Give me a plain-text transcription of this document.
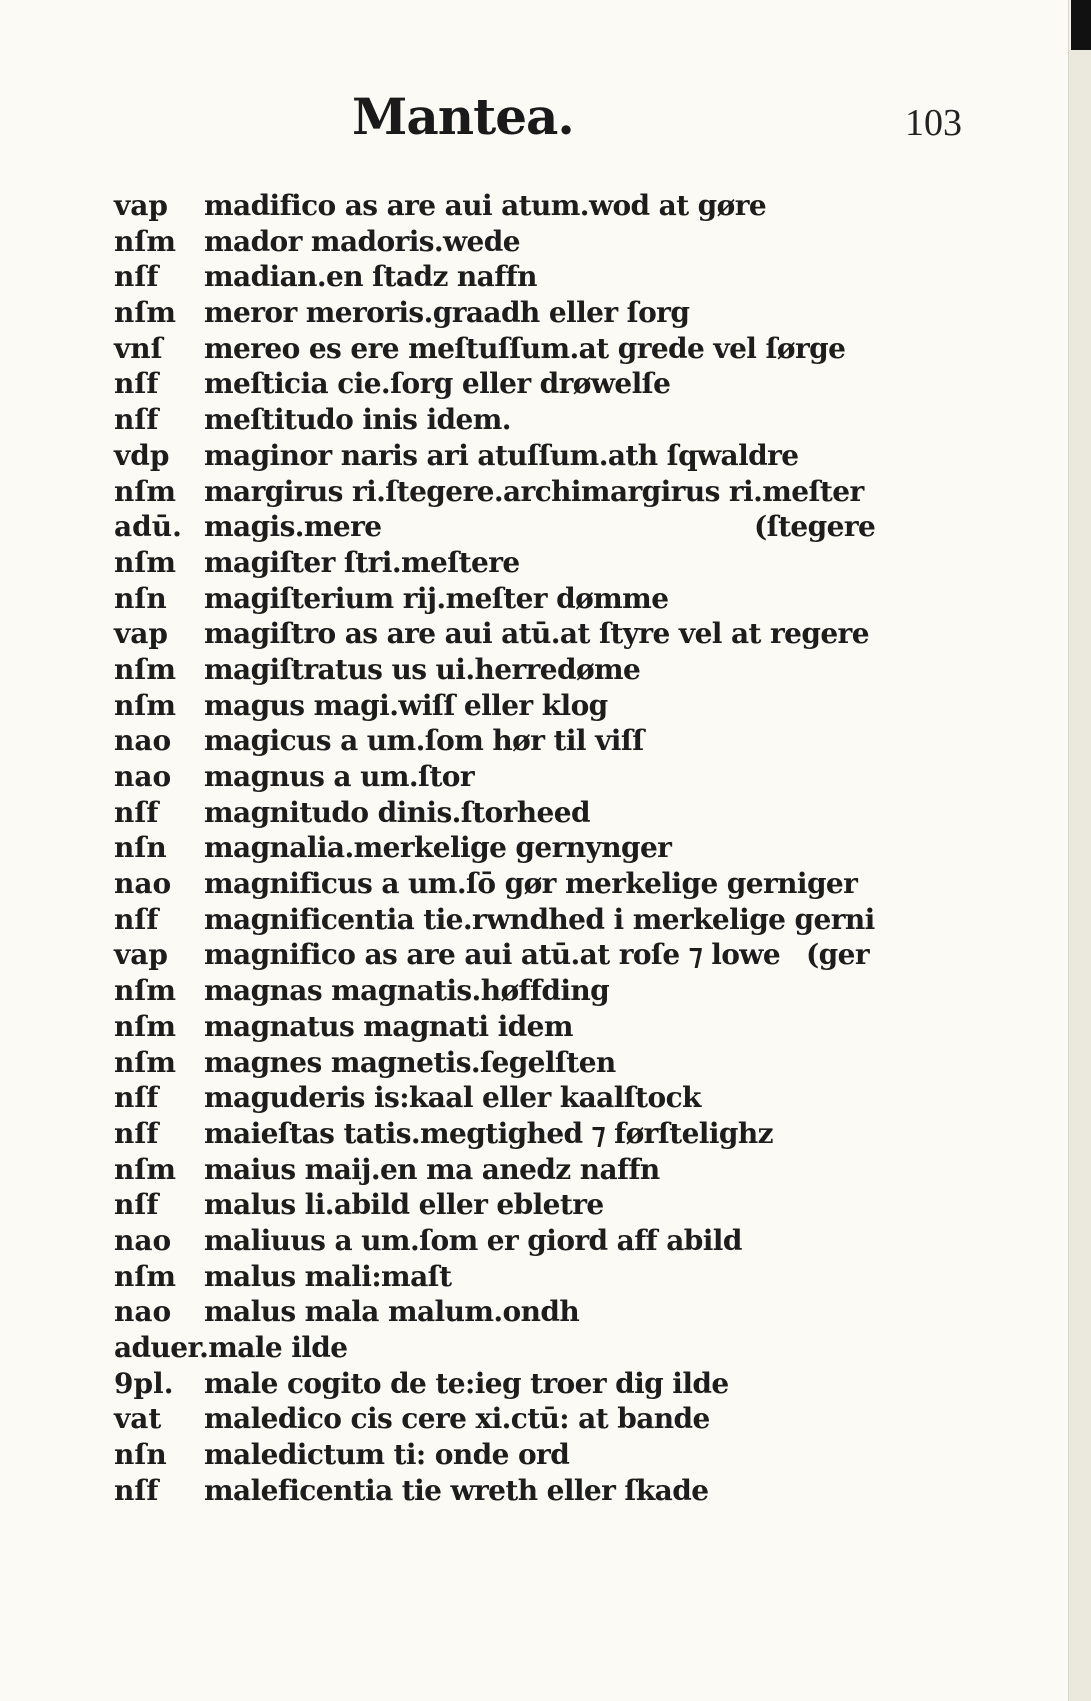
Mantea.	103
vap	madifico as are aui atum.wod at gøre
nſm mador madoris.wede
nſf	madian.en ſtadz naffn
nſm meror meroris.graadh eller ſorg
vnſ	mereo es ere meſtuſſum.at grede vel ſørge
nſf	meſticia cie.ſorg eller drøwelſe
nſf	meſtitudo inis idem.
vdp	maginor naris ari atuſſum.ath ſqwaldre
nſm margirus ri.ſtegere.archimargirus ri.meſter
adū. magis.mere	(ſtegere
nſm magiſter ſtri.meſtere
nſn	magiſterium rij.meſter dømme
vap	magiſtro as are aui atū.at ſtyre vel at regere
nſm magiſtratus us ui.herredøme
nſm magus magi.wiſſ eller klog
nao	magicus a um.ſom hør til viſſ
nao	magnus a um.ſtor
nſf	magnitudo dinis.ſtorheed
nſn	magnalia.merkelige gernynger
nao	magnificus a um.ſō gør merkelige gerniger
nſf	magnificentia tie.rwndhed i merkelige gerni
vap	magnifico as are aui atū.at roſe ⁊ lowe (ger
nſm magnas magnatis.høffding
nſm magnatus magnati idem
nſm magnes magnetis.ſegelſten
nſf	maguderis is:kaal eller kaalſtock
nſf	maieſtas tatis.megtighed ⁊ førſtelighz
nſm maius maij.en ma anedz naffn
nſf	malus li.abild eller ebletre
nao	maliuus a um.ſom er giord aff abild
nſm malus mali:maſt
nao	malus mala malum.ondh
aduer.male ilde
9pl.	male cogito de te:ieg troer dig ilde
vat	maledico cis cere xi.ctū: at bande
nſn	maledictum ti: onde ord
nſf	maleficentia tie wreth eller ſkade
